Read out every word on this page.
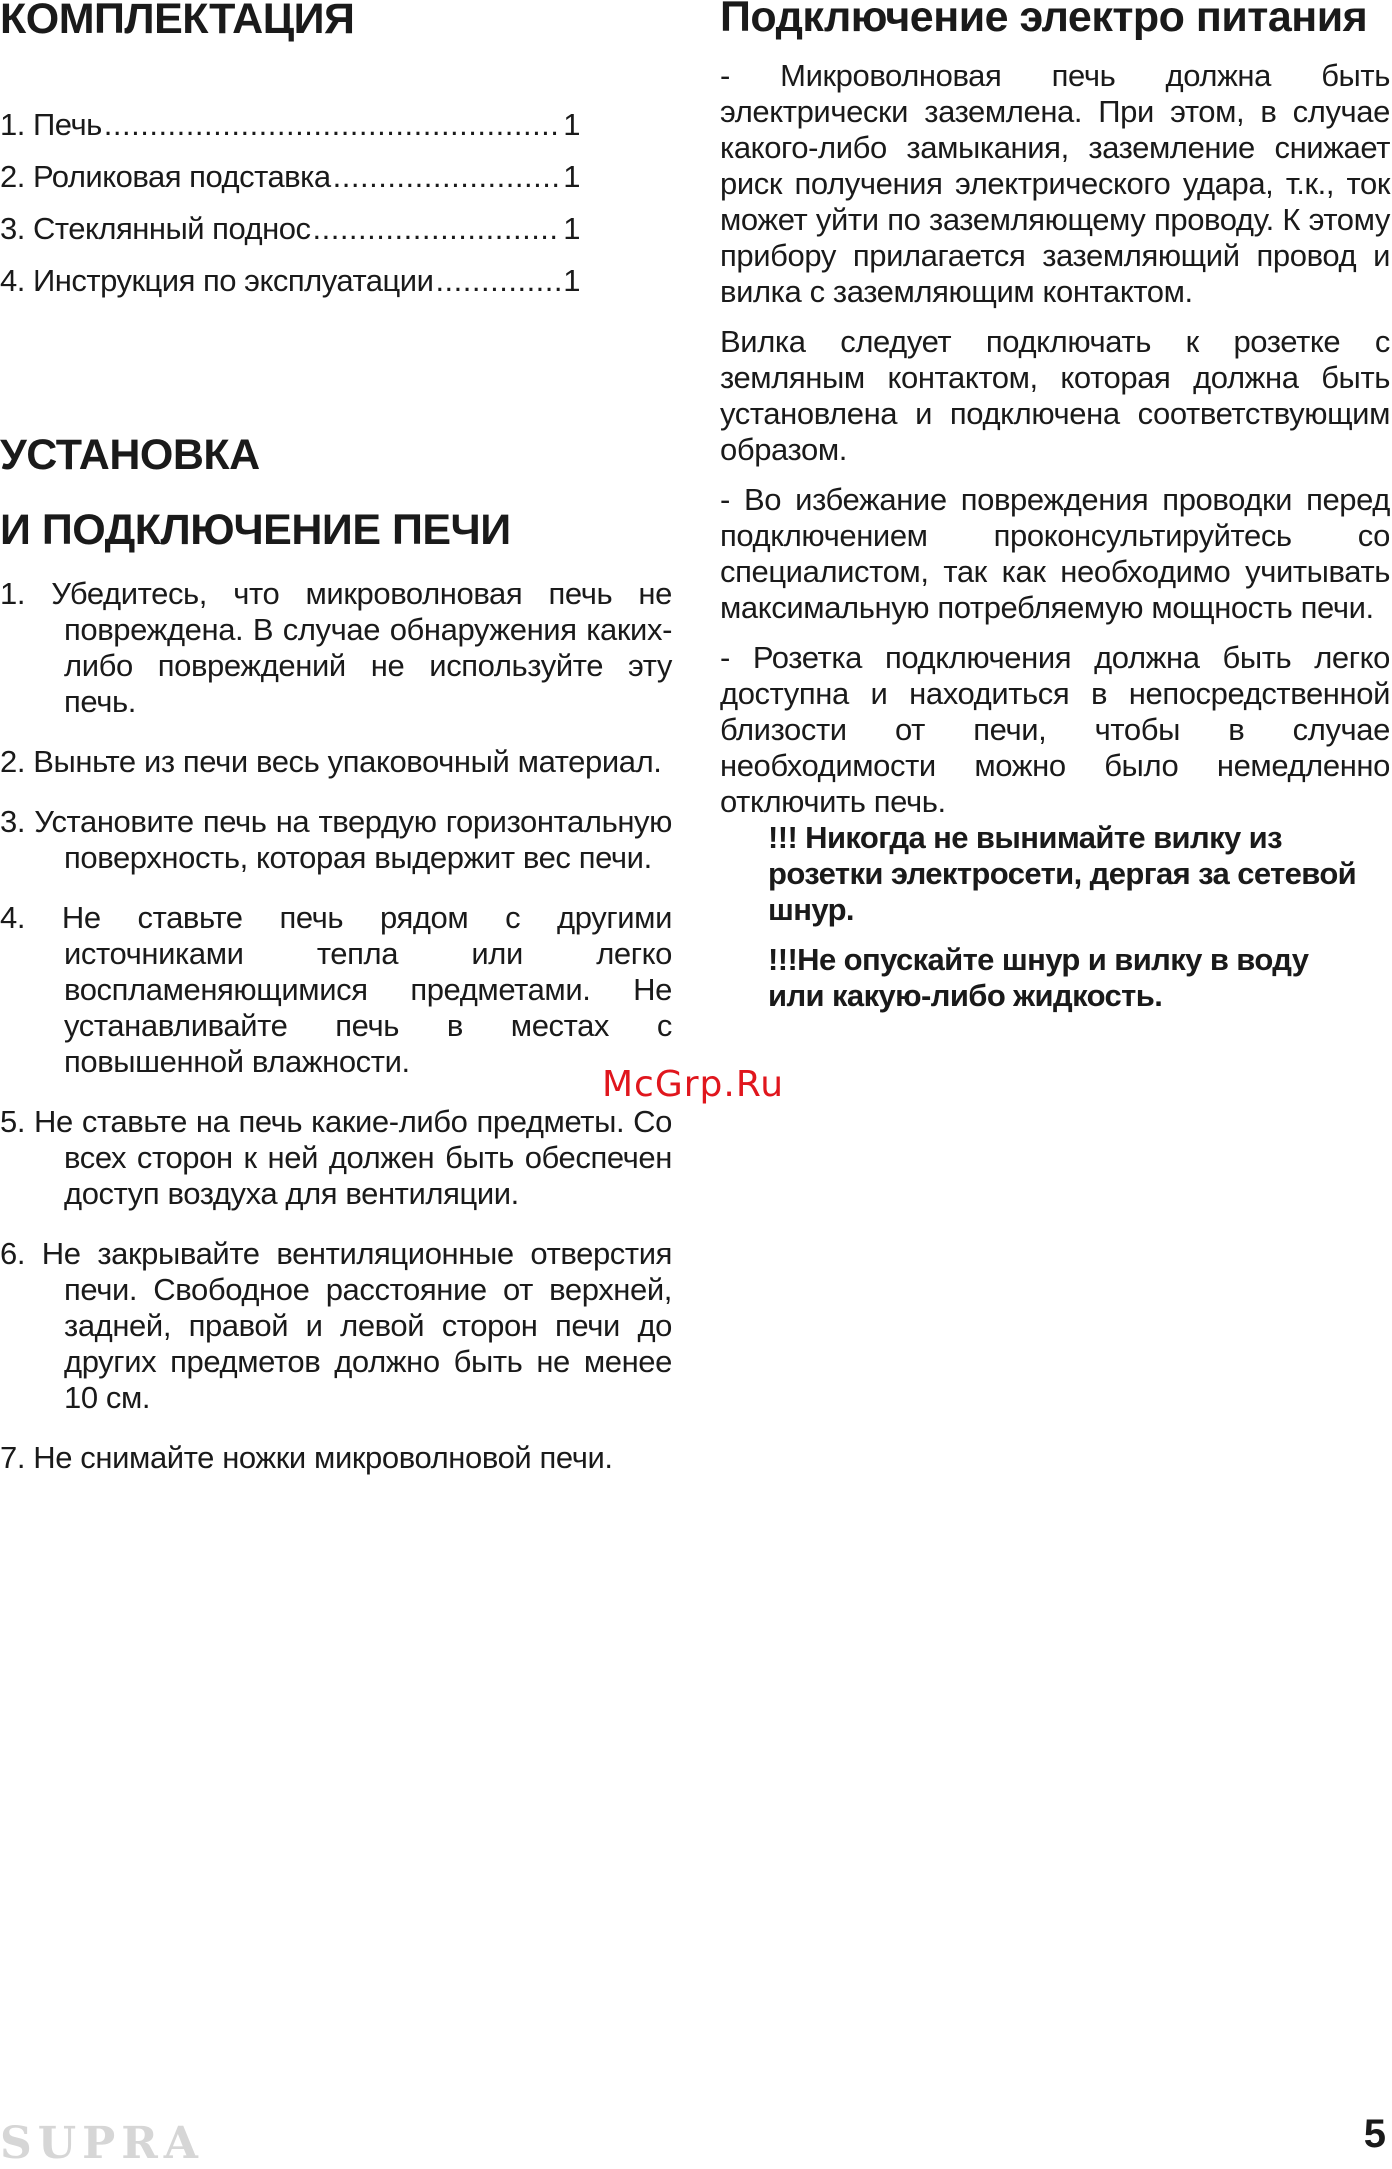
КОМПЛЕКТАЦИЯ
1. Печь .....	1
2. Роликовая подставка .....	1
3. Стеклянный поднос .....	1
4. Инструкция по эксплуатации .....	1
УСТАНОВКА
И ПОДКЛЮЧЕНИЕ ПЕЧИ
1. Убедитесь, что микроволновая печь не повреждена. В случае обнаружения каких-либо повреждений не используйте эту печь.
2. Выньте из печи весь упаковочный материал.
3. Установите печь на твердую горизонтальную поверхность, которая выдержит вес печи.
4. Не ставьте печь рядом с другими источниками тепла или легко воспламеняющимися предметами. Не устанавливайте печь в местах с повышенной влажности.
5. Не ставьте на печь какие-либо предметы. Со всех сторон к ней должен быть обеспечен доступ воздуха для вентиляции.
6. Не закрывайте вентиляционные отверстия печи. Свободное расстояние от верхней, задней, правой и левой сторон печи до других предметов должно быть не менее 10 см.
7. Не снимайте ножки микроволновой печи.
Подключение электро питания

- Микроволновая печь должна быть электрически заземлена. При этом, в случае какого-либо замыкания, заземление снижает риск получения электрического удара, т.к., ток может уйти по заземляющему проводу. К этому прибору прилагается заземляющий провод и вилка с заземляющим контактом.

Вилка следует подключать к розетке с земляным контактом, которая должна быть установлена и подключена соответствующим образом.

- Во избежание повреждения проводки перед подключением проконсультируйтесь со специалистом, так как необходимо учитывать максимальную потребляемую мощность печи.

- Розетка подключения должна быть легко доступна и находиться в непосредственной близости от печи, чтобы в случае необходимости можно было немедленно отключить печь.

!!! Никогда не вынимайте вилку из розетки электросети, дергая за сетевой шнур.

!!!Не опускайте шнур и вилку в воду или какую-либо жидкость.

McGrp.Ru
SUPRA	5
